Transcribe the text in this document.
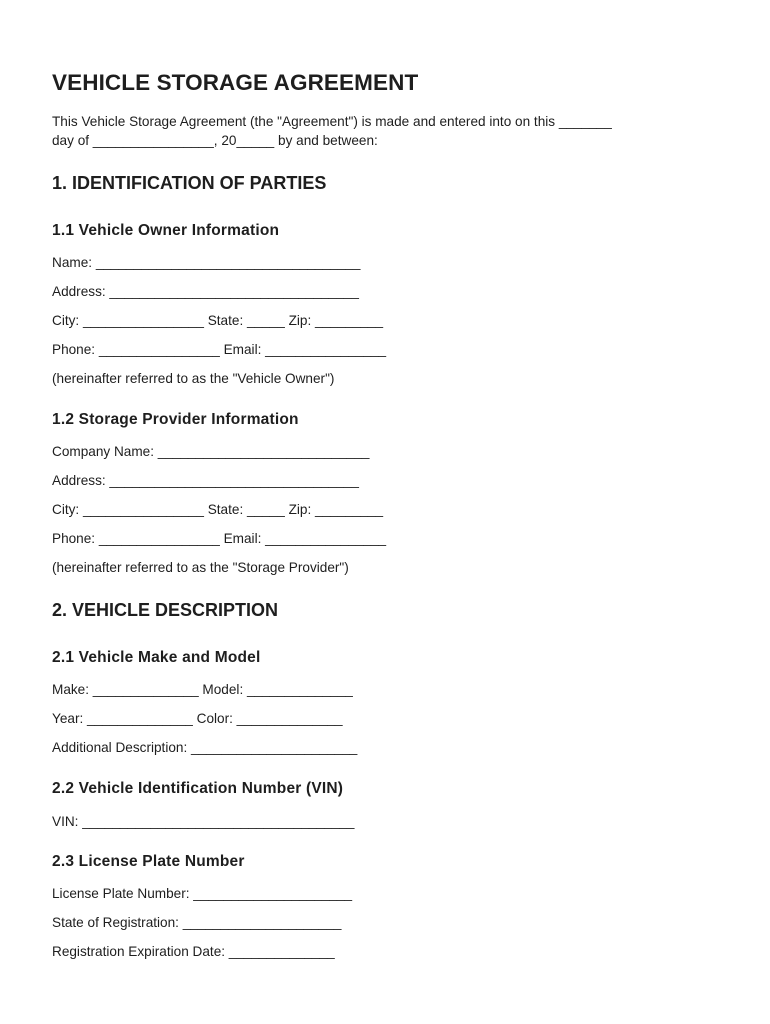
VEHICLE STORAGE AGREEMENT
This Vehicle Storage Agreement (the "Agreement") is made and entered into on this _______
day of ________________, 20_____ by and between:
1. IDENTIFICATION OF PARTIES
1.1 Vehicle Owner Information
Name: ___________________________________
Address: _________________________________
City: ________________ State: _____ Zip: _________
Phone: ________________ Email: ________________
(hereinafter referred to as the "Vehicle Owner")
1.2 Storage Provider Information
Company Name: ____________________________
Address: _________________________________
City: ________________ State: _____ Zip: _________
Phone: ________________ Email: ________________
(hereinafter referred to as the "Storage Provider")
2. VEHICLE DESCRIPTION
2.1 Vehicle Make and Model
Make: ______________ Model: ______________
Year: ______________ Color: ______________
Additional Description: ______________________
2.2 Vehicle Identification Number (VIN)
VIN: ____________________________________
2.3 License Plate Number
License Plate Number: _____________________
State of Registration: _____________________
Registration Expiration Date: ______________
